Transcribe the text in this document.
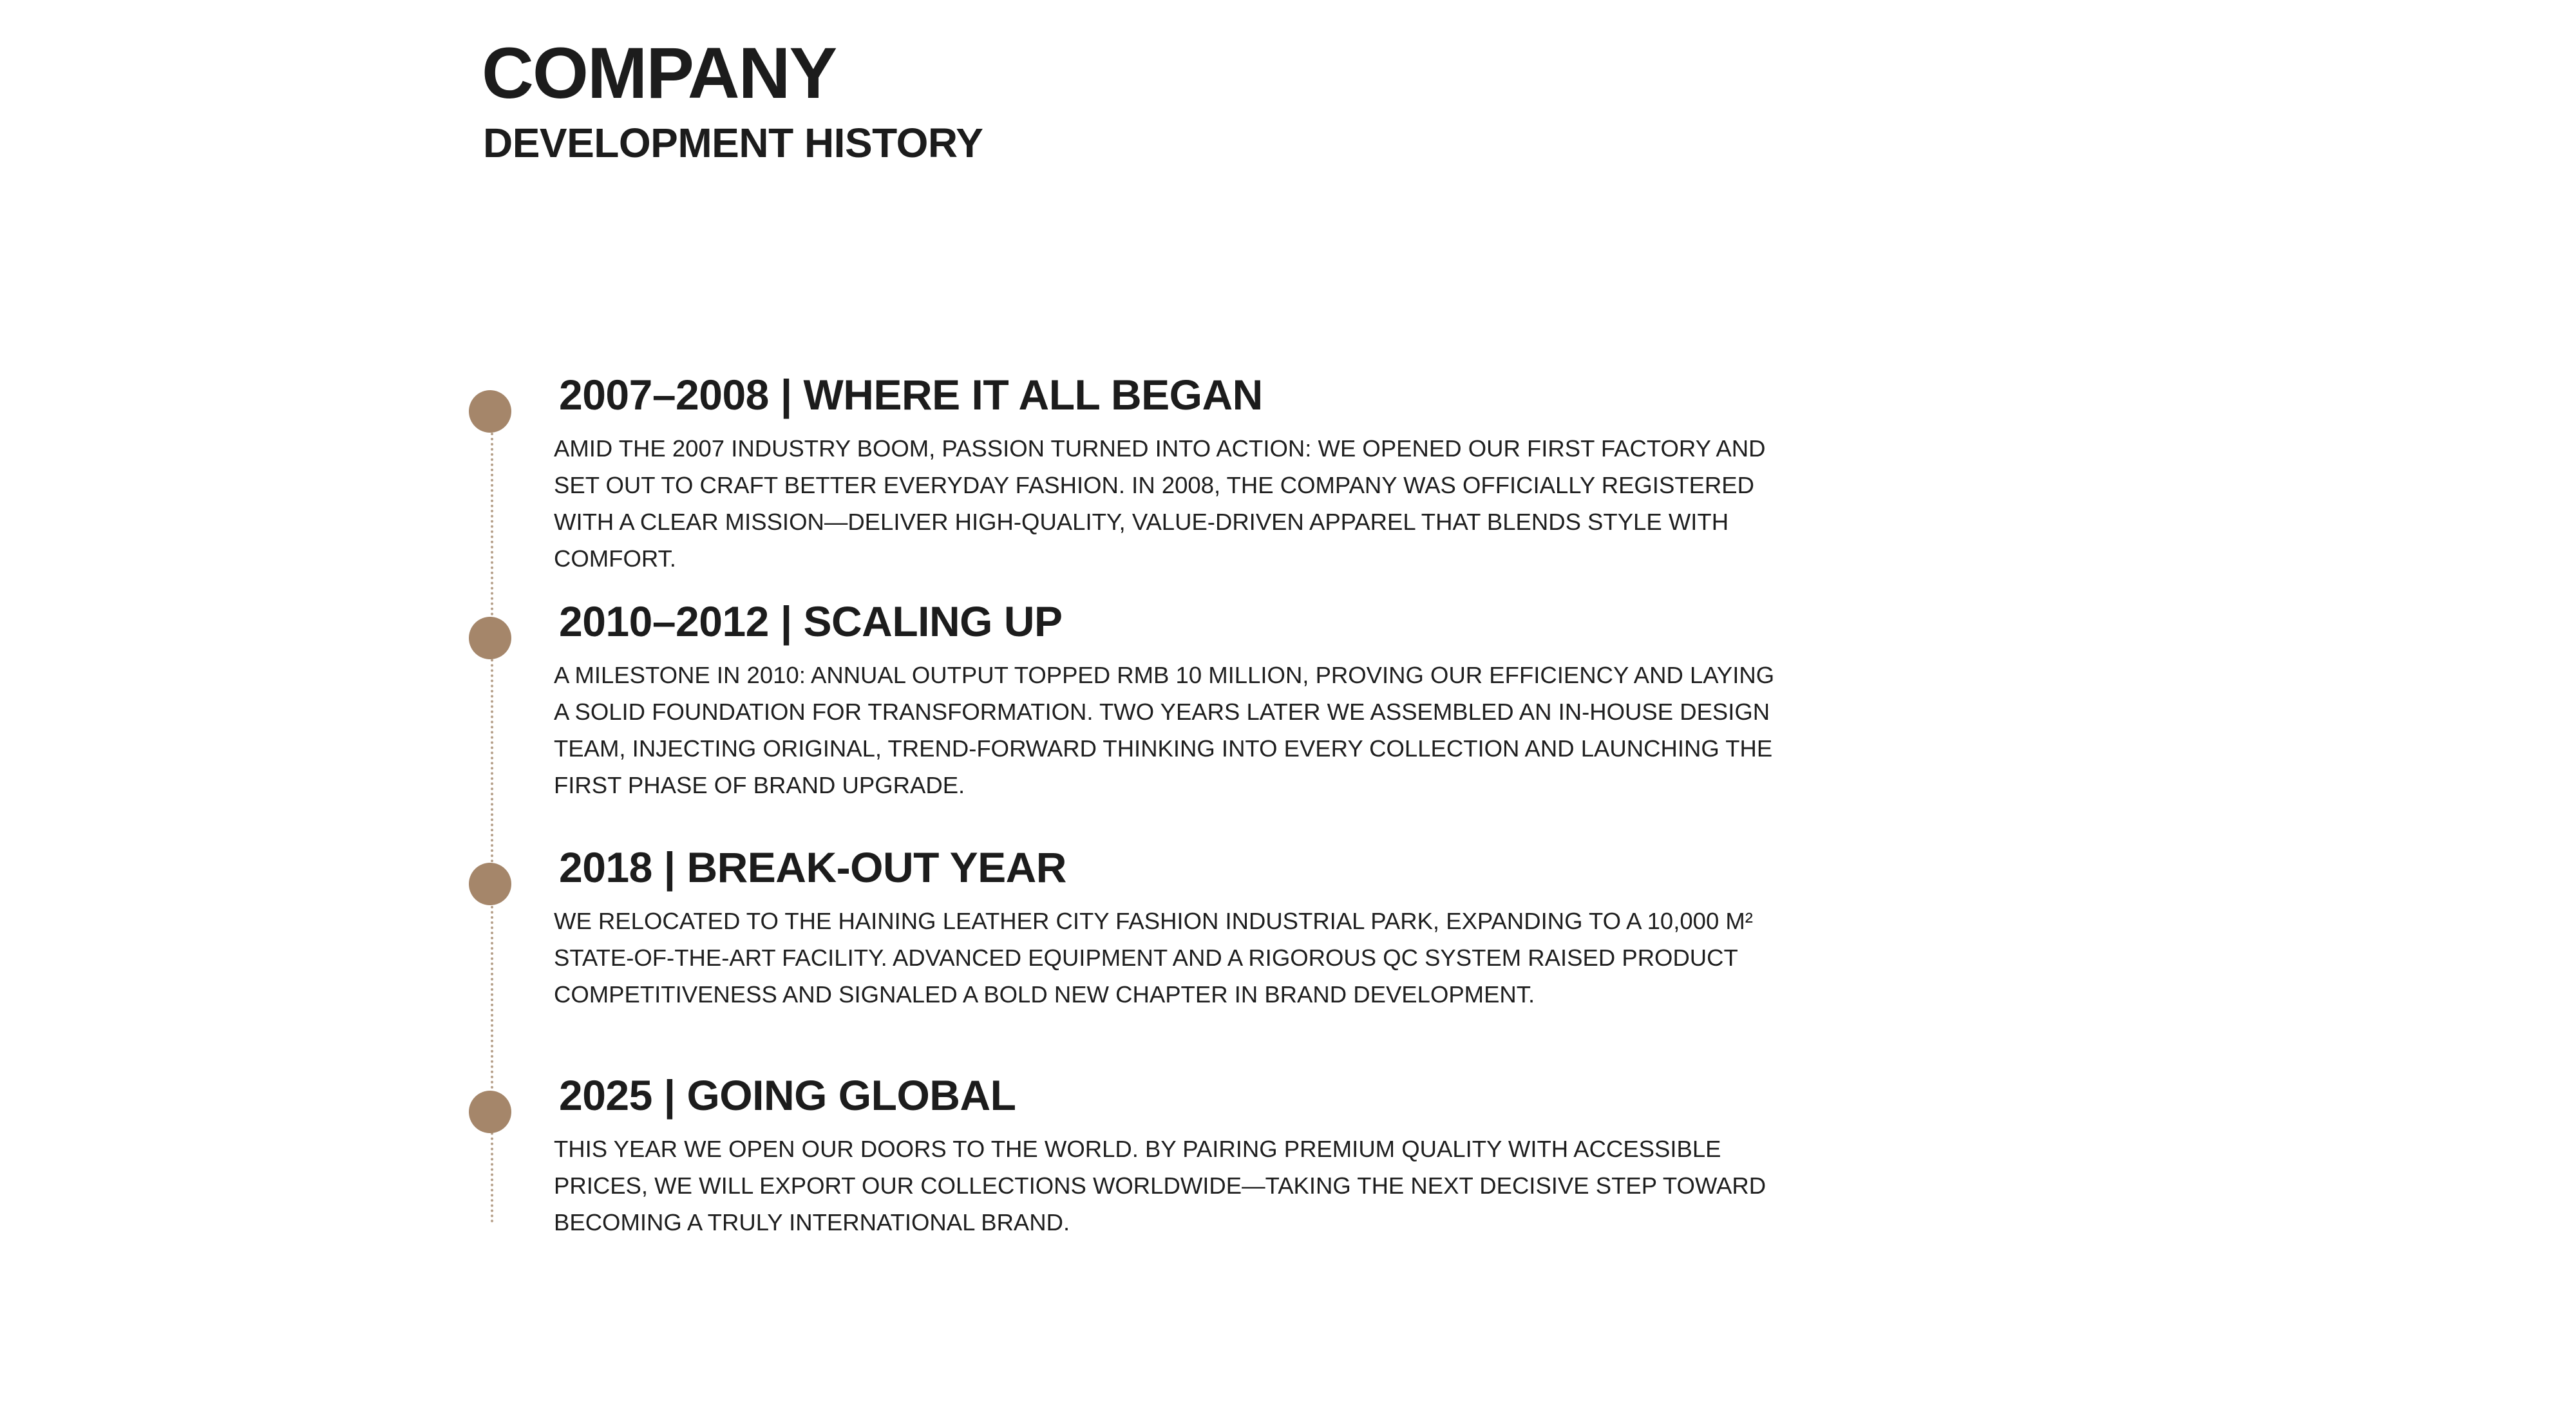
COMPANY
DEVELOPMENT HISTORY
2007–2008 | WHERE IT ALL BEGAN

AMID THE 2007 INDUSTRY BOOM, PASSION TURNED INTO ACTION: WE OPENED OUR FIRST FACTORY AND SET OUT TO CRAFT BETTER EVERYDAY FASHION. IN 2008, THE COMPANY WAS OFFICIALLY REGISTERED WITH A CLEAR MISSION—DELIVER HIGH-QUALITY, VALUE-DRIVEN APPAREL THAT BLENDS STYLE WITH COMFORT.

2010–2012 | SCALING UP

A MILESTONE IN 2010: ANNUAL OUTPUT TOPPED RMB 10 MILLION, PROVING OUR EFFICIENCY AND LAYING A SOLID FOUNDATION FOR TRANSFORMATION. TWO YEARS LATER WE ASSEMBLED AN IN-HOUSE DESIGN TEAM, INJECTING ORIGINAL, TREND-FORWARD THINKING INTO EVERY COLLECTION AND LAUNCHING THE FIRST PHASE OF BRAND UPGRADE.

2018 | BREAK-OUT YEAR

WE RELOCATED TO THE HAINING LEATHER CITY FASHION INDUSTRIAL PARK, EXPANDING TO A 10,000 M² STATE-OF-THE-ART FACILITY. ADVANCED EQUIPMENT AND A RIGOROUS QC SYSTEM RAISED PRODUCT COMPETITIVENESS AND SIGNALED A BOLD NEW CHAPTER IN BRAND DEVELOPMENT.

2025 | GOING GLOBAL

THIS YEAR WE OPEN OUR DOORS TO THE WORLD. BY PAIRING PREMIUM QUALITY WITH ACCESSIBLE PRICES, WE WILL EXPORT OUR COLLECTIONS WORLDWIDE—TAKING THE NEXT DECISIVE STEP TOWARD BECOMING A TRULY INTERNATIONAL BRAND.
